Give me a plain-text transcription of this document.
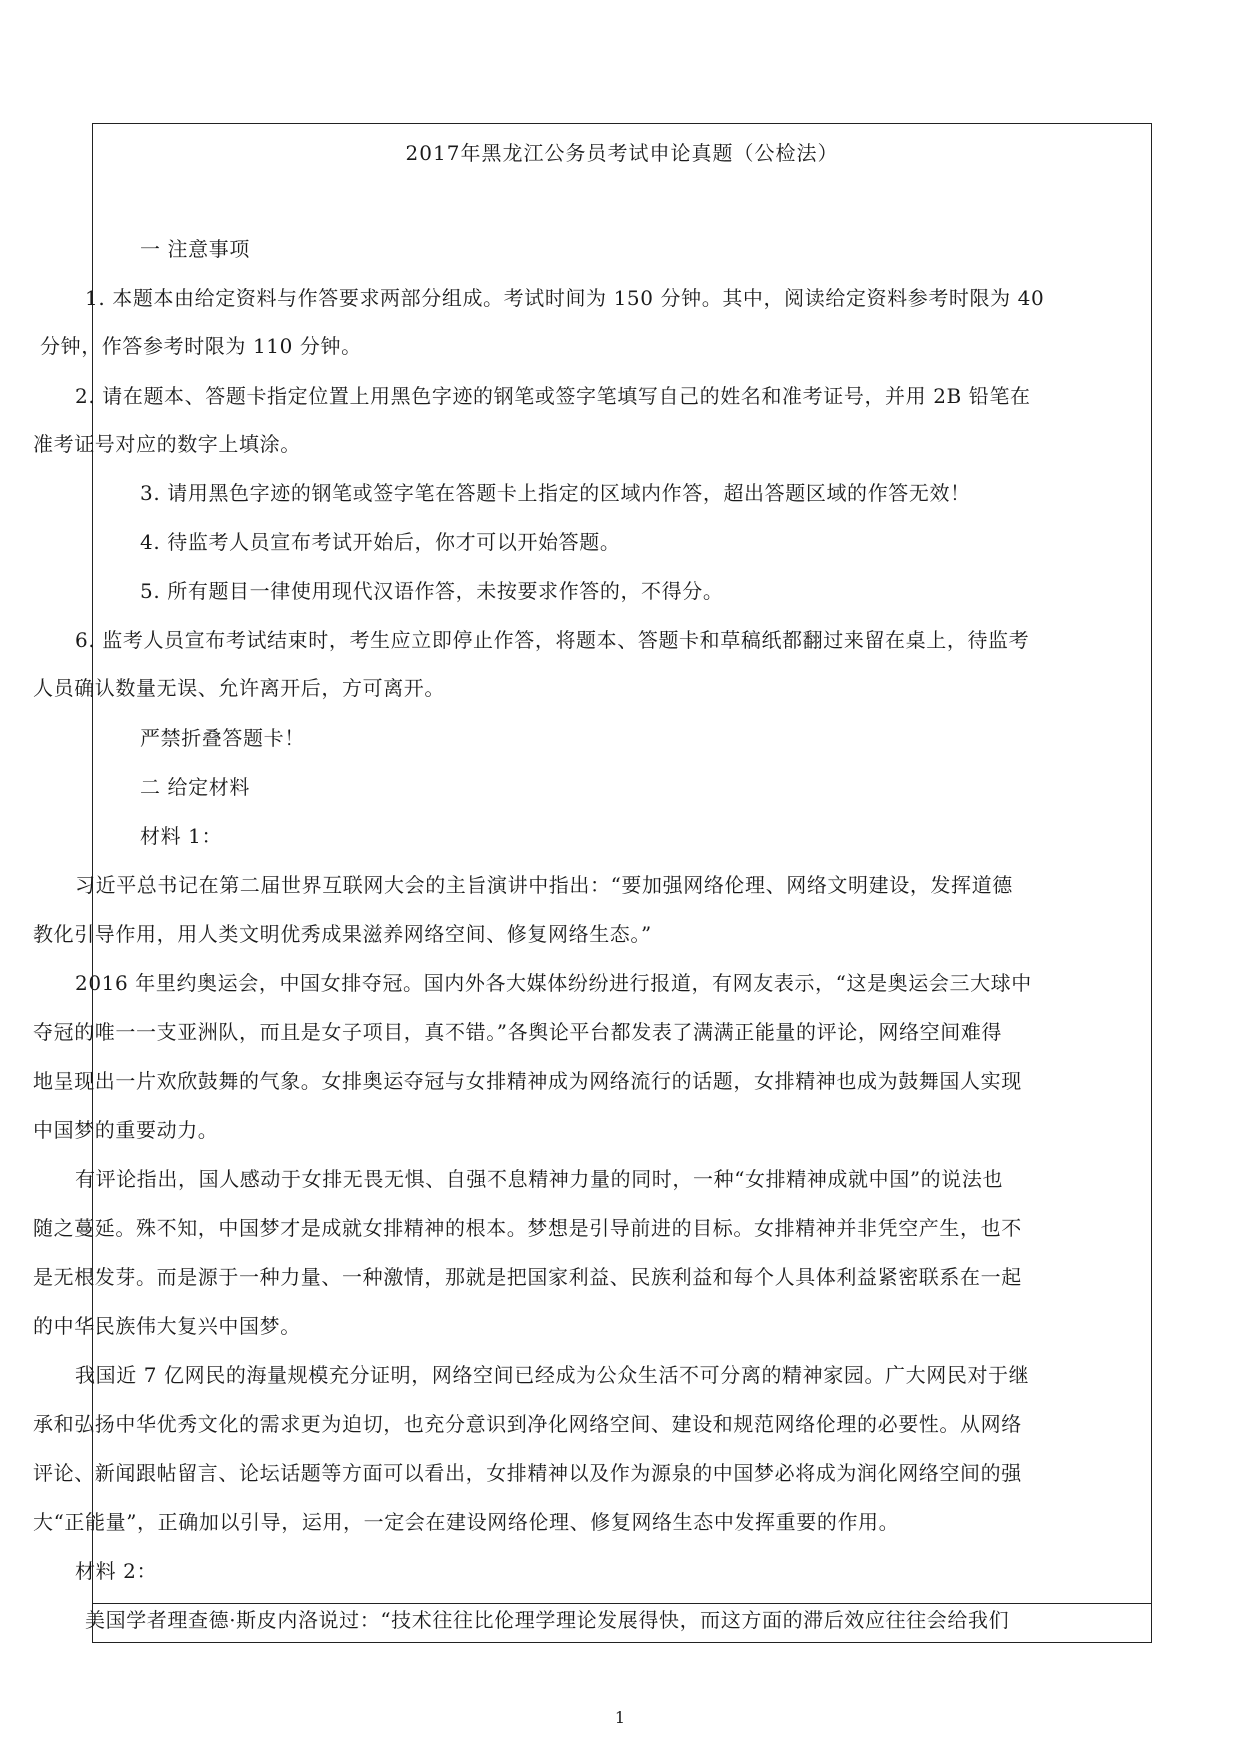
2017年黑龙江公务员考试申论真题（公检法）
一 注意事项
1. 本题本由给定资料与作答要求两部分组成。考试时间为 150 分钟。其中，阅读给定资料参考时限为 40
分钟，作答参考时限为 110 分钟。
2. 请在题本、答题卡指定位置上用黑色字迹的钢笔或签字笔填写自己的姓名和准考证号，并用 2B 铅笔在
准考证号对应的数字上填涂。
3. 请用黑色字迹的钢笔或签字笔在答题卡上指定的区域内作答，超出答题区域的作答无效！
4. 待监考人员宣布考试开始后，你才可以开始答题。
5. 所有题目一律使用现代汉语作答，未按要求作答的，不得分。
6. 监考人员宣布考试结束时，考生应立即停止作答，将题本、答题卡和草稿纸都翻过来留在桌上，待监考
人员确认数量无误、允许离开后，方可离开。
严禁折叠答题卡！
二 给定材料
材料 1：
习近平总书记在第二届世界互联网大会的主旨演讲中指出：“要加强网络伦理、网络文明建设，发挥道德
教化引导作用，用人类文明优秀成果滋养网络空间、修复网络生态。”
2016 年里约奥运会，中国女排夺冠。国内外各大媒体纷纷进行报道，有网友表示，“这是奥运会三大球中
夺冠的唯一一支亚洲队，而且是女子项目，真不错。”各舆论平台都发表了满满正能量的评论，网络空间难得
地呈现出一片欢欣鼓舞的气象。女排奥运夺冠与女排精神成为网络流行的话题，女排精神也成为鼓舞国人实现
中国梦的重要动力。
有评论指出，国人感动于女排无畏无惧、自强不息精神力量的同时，一种“女排精神成就中国”的说法也
随之蔓延。殊不知，中国梦才是成就女排精神的根本。梦想是引导前进的目标。女排精神并非凭空产生，也不
是无根发芽。而是源于一种力量、一种激情，那就是把国家利益、民族利益和每个人具体利益紧密联系在一起
的中华民族伟大复兴中国梦。
我国近 7 亿网民的海量规模充分证明，网络空间已经成为公众生活不可分离的精神家园。广大网民对于继
承和弘扬中华优秀文化的需求更为迫切，也充分意识到净化网络空间、建设和规范网络伦理的必要性。从网络
评论、新闻跟帖留言、论坛话题等方面可以看出，女排精神以及作为源泉的中国梦必将成为润化网络空间的强
大“正能量”，正确加以引导，运用，一定会在建设网络伦理、修复网络生态中发挥重要的作用。
材料 2：
美国学者理查德·斯皮内洛说过：“技术往往比伦理学理论发展得快，而这方面的滞后效应往往会给我们
1
